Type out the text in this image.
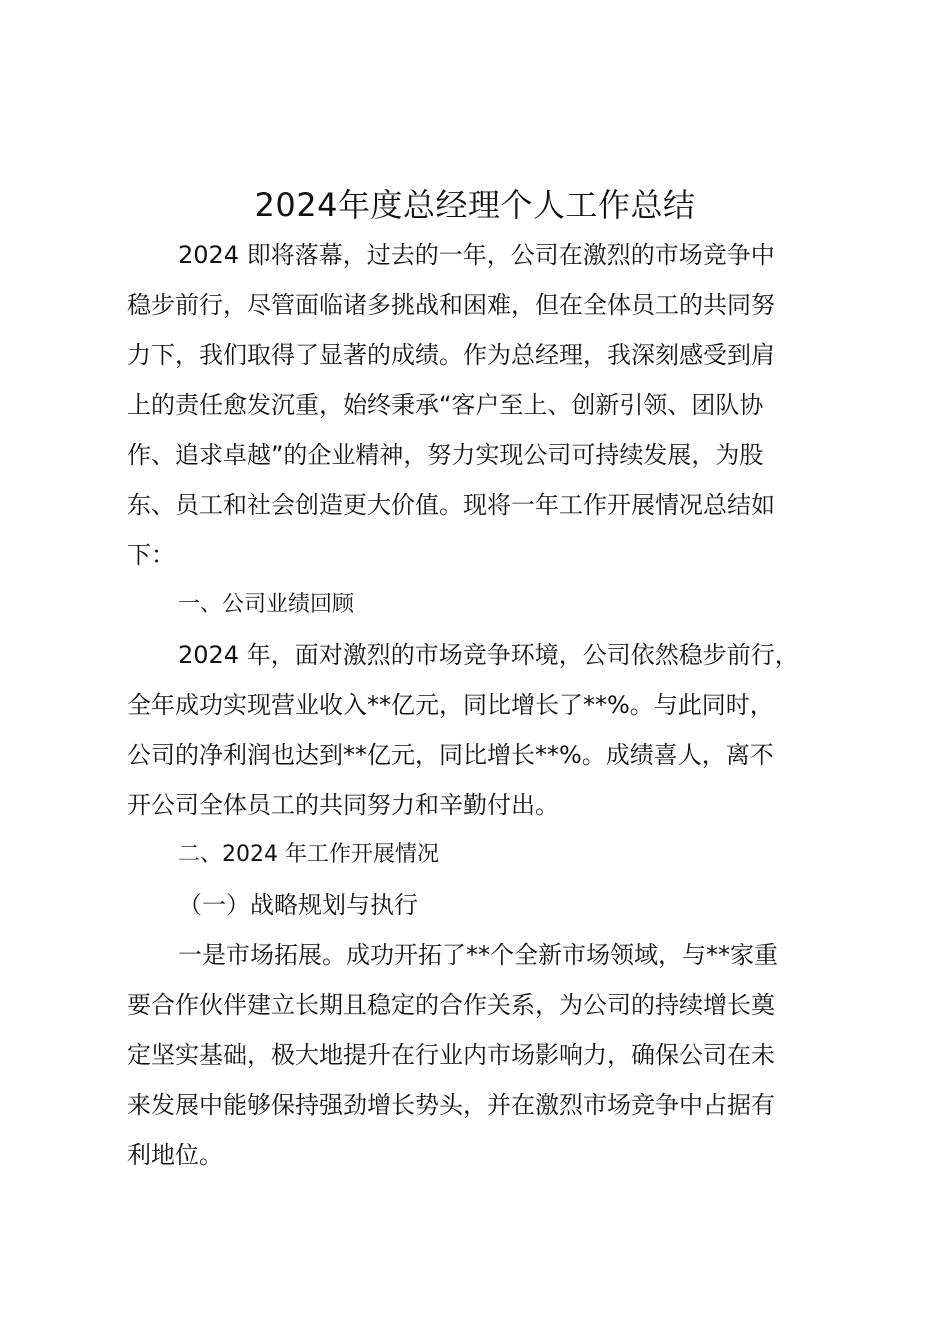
2024年度总经理个人工作总结
2024 即将落幕，过去的一年，公司在激烈的市场竞争中
稳步前行，尽管面临诸多挑战和困难，但在全体员工的共同努
力下，我们取得了显著的成绩。作为总经理，我深刻感受到肩
上的责任愈发沉重，始终秉承“客户至上、创新引领、团队协
作、追求卓越”的企业精神，努力实现公司可持续发展，为股
东、员工和社会创造更大价值。现将一年工作开展情况总结如
下：
一、公司业绩回顾
2024 年，面对激烈的市场竞争环境，公司依然稳步前行，
全年成功实现营业收入**亿元，同比增长了**%。与此同时，
公司的净利润也达到**亿元，同比增长**%。成绩喜人，离不
开公司全体员工的共同努力和辛勤付出。
二、2024 年工作开展情况
（一）战略规划与执行
一是市场拓展。成功开拓了**个全新市场领域，与**家重
要合作伙伴建立长期且稳定的合作关系，为公司的持续增长奠
定坚实基础，极大地提升在行业内市场影响力，确保公司在未
来发展中能够保持强劲增长势头，并在激烈市场竞争中占据有
利地位。
